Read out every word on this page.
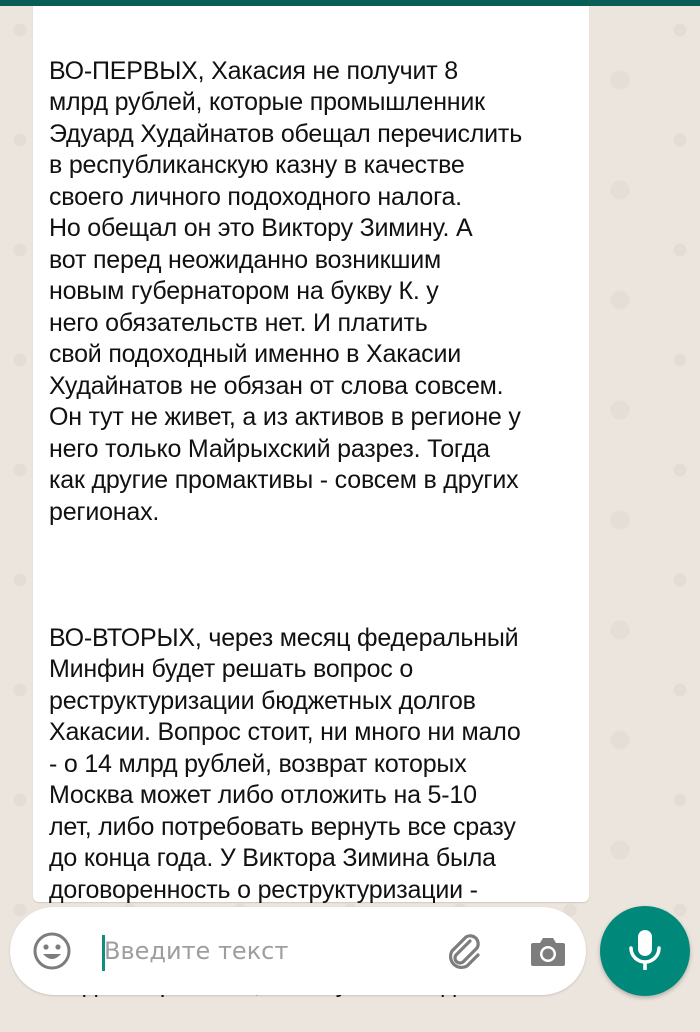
ВО-ПЕРВЫХ, Хакасия не получит 8
млрд рублей, которые промышленник
Эдуард Худайнатов обещал перечислить
в республиканскую казну в качестве
своего личного подоходного налога.
Но обещал он это Виктору Зимину. А
вот перед неожиданно возникшим
новым губернатором на букву К. у
него обязательств нет. И платить
свой подоходный именно в Хакасии
Худайнатов не обязан от слова совсем.
Он тут не живет, а из активов в регионе у
него только Майрыхский разрез. Тогда
как другие промактивы - совсем в других
регионах.

ВО-ВТОРЫХ, через месяц федеральный
Минфин будет решать вопрос о
реструктуризации бюджетных долгов
Хакасии. Вопрос стоит, ни много ни мало
- о 14 млрд рублей, возврат которых
Москва может либо отложить на 5-10
лет, либо потребовать вернуть все сразу
до конца года. У Виктора Зимина была
договоренность о реструктуризации -

Введите текст
